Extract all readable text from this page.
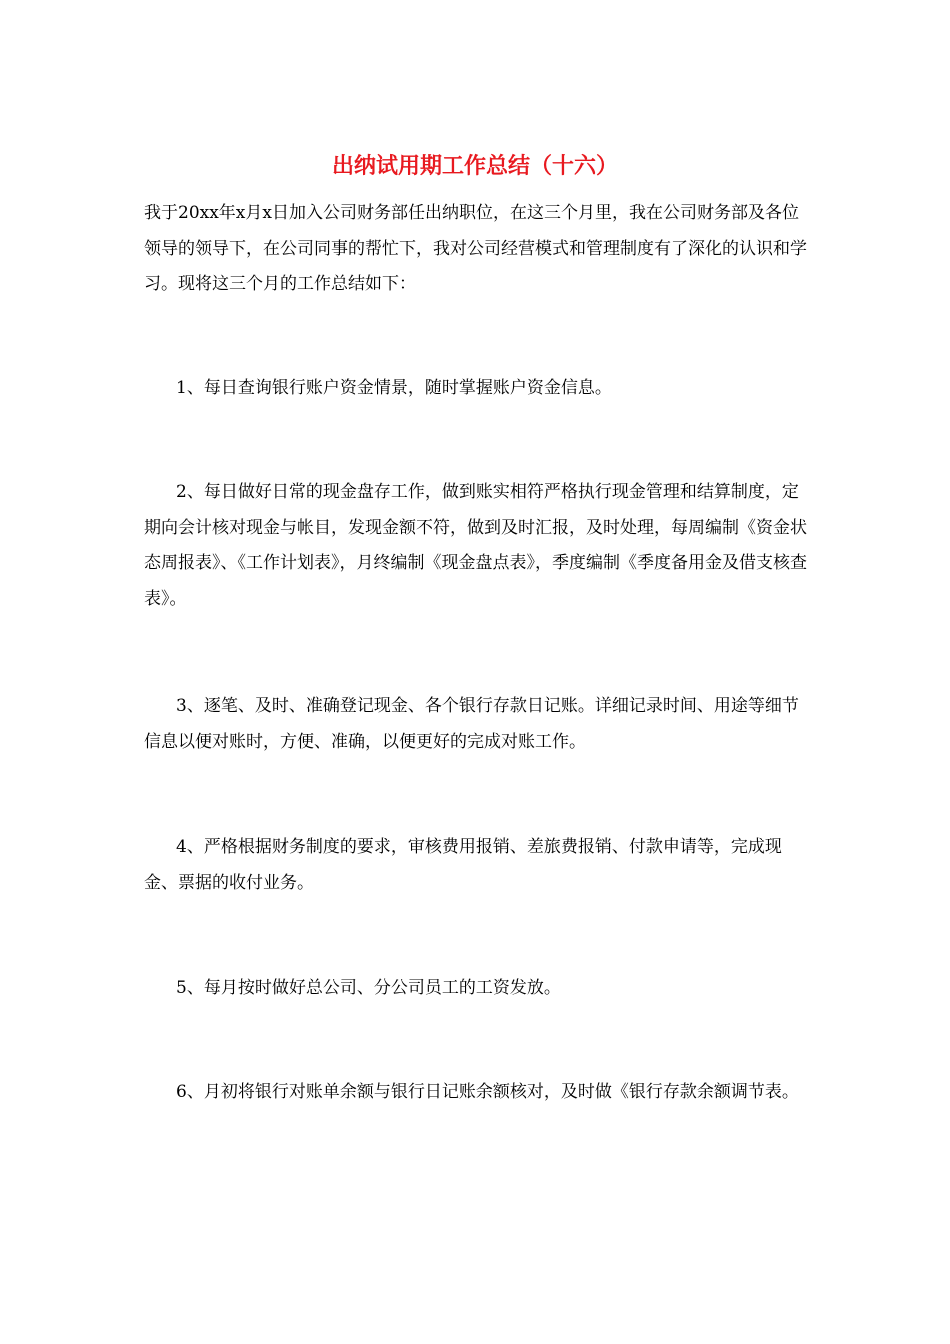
出纳试用期工作总结（十六）

我于20xx年x月x日加入公司财务部任出纳职位，在这三个月里，我在公司财务部及各位领导的领导下，在公司同事的帮忙下，我对公司经营模式和管理制度有了深化的认识和学习。现将这三个月的工作总结如下：

1、每日查询银行账户资金情景，随时掌握账户资金信息。

2、每日做好日常的现金盘存工作，做到账实相符严格执行现金管理和结算制度，定期向会计核对现金与帐目，发现金额不符，做到及时汇报，及时处理，每周编制《资金状态周报表》、《工作计划表》，月终编制《现金盘点表》，季度编制《季度备用金及借支核查表》。

3、逐笔、及时、准确登记现金、各个银行存款日记账。详细记录时间、用途等细节信息以便对账时，方便、准确，以便更好的完成对账工作。

4、严格根据财务制度的要求，审核费用报销、差旅费报销、付款申请等，完成现金、票据的收付业务。

5、每月按时做好总公司、分公司员工的工资发放。

6、月初将银行对账单余额与银行日记账余额核对，及时做《银行存款余额调节表。
